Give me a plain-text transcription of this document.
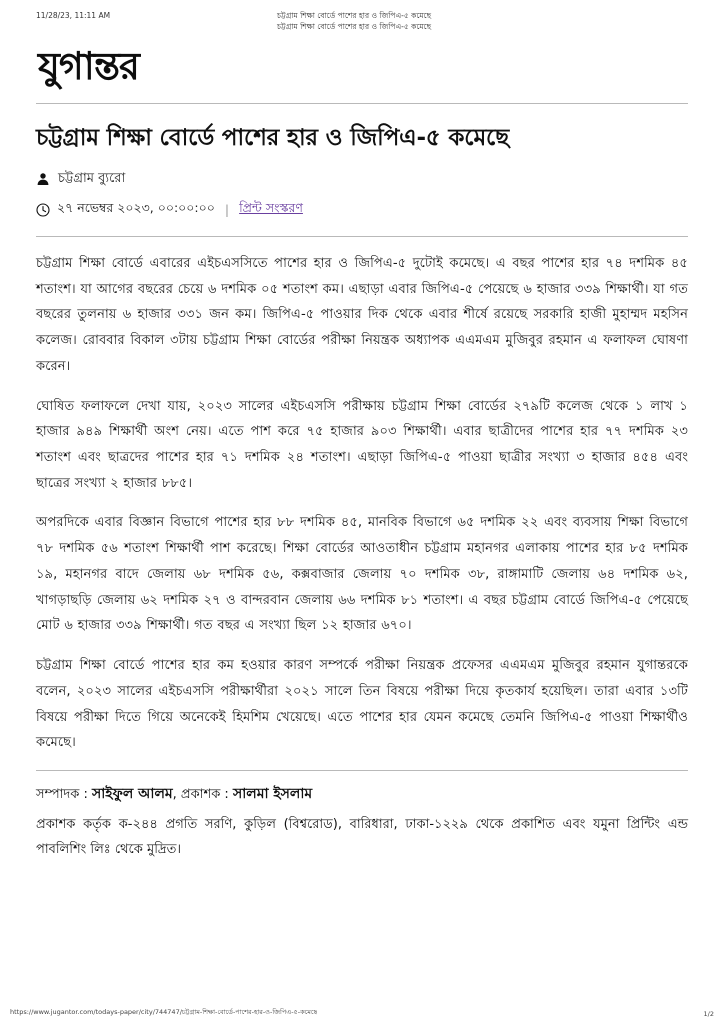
11/28/23, 11:11 AM	চট্টগ্রাম শিক্ষা বোর্ডে পাশের হার ও জিপিএ-৫ কমেছে
চট্টগ্রাম শিক্ষা বোর্ডে পাশের হার ও জিপিএ-৫ কমেছে
যুগান্তর
চট্টগ্রাম শিক্ষা বোর্ডে পাশের হার ও জিপিএ-৫ কমেছে
চট্টগ্রাম ব্যুরো
২৭ নভেম্বর ২০২৩, ০০:০০:০০ | প্রিন্ট সংস্করণ

চট্টগ্রাম শিক্ষা বোর্ডে এবারের এইচএসসিতে পাশের হার ও জিপিএ-৫ দুটোই কমেছে। এ বছর পাশের হার ৭৪ দশমিক ৪৫ শতাংশ। যা আগের বছরের চেয়ে ৬ দশমিক ০৫ শতাংশ কম। এছাড়া এবার জিপিএ-৫ পেয়েছে ৬ হাজার ৩৩৯ শিক্ষার্থী। যা গত বছরের তুলনায় ৬ হাজার ৩৩১ জন কম। জিপিএ-৫ পাওয়ার দিক থেকে এবার শীর্ষে রয়েছে সরকারি হাজী মুহাম্মদ মহসিন কলেজ। রোববার বিকাল ৩টায় চট্টগ্রাম শিক্ষা বোর্ডের পরীক্ষা নিয়ন্ত্রক অধ্যাপক এএমএম মুজিবুর রহমান এ ফলাফল ঘোষণা করেন।

ঘোষিত ফলাফলে দেখা যায়, ২০২৩ সালের এইচএসসি পরীক্ষায় চট্টগ্রাম শিক্ষা বোর্ডের ২৭৯টি কলেজ থেকে ১ লাখ ১ হাজার ৯৪৯ শিক্ষার্থী অংশ নেয়। এতে পাশ করে ৭৫ হাজার ৯০৩ শিক্ষার্থী। এবার ছাত্রীদের পাশের হার ৭৭ দশমিক ২৩ শতাংশ এবং ছাত্রদের পাশের হার ৭১ দশমিক ২৪ শতাংশ। এছাড়া জিপিএ-৫ পাওয়া ছাত্রীর সংখ্যা ৩ হাজার ৪৫৪ এবং ছাত্রের সংখ্যা ২ হাজার ৮৮৫।

অপরদিকে এবার বিজ্ঞান বিভাগে পাশের হার ৮৮ দশমিক ৪৫, মানবিক বিভাগে ৬৫ দশমিক ২২ এবং ব্যবসায় শিক্ষা বিভাগে ৭৮ দশমিক ৫৬ শতাংশ শিক্ষার্থী পাশ করেছে। শিক্ষা বোর্ডের আওতাধীন চট্টগ্রাম মহানগর এলাকায় পাশের হার ৮৫ দশমিক ১৯, মহানগর বাদে জেলায় ৬৮ দশমিক ৫৬, কক্সবাজার জেলায় ৭০ দশমিক ৩৮, রাঙ্গামাটি জেলায় ৬৪ দশমিক ৬২, খাগড়াছড়ি জেলায় ৬২ দশমিক ২৭ ও বান্দরবান জেলায় ৬৬ দশমিক ৮১ শতাংশ। এ বছর চট্টগ্রাম বোর্ডে জিপিএ-৫ পেয়েছে মোট ৬ হাজার ৩৩৯ শিক্ষার্থী। গত বছর এ সংখ্যা ছিল ১২ হাজার ৬৭০।

চট্টগ্রাম শিক্ষা বোর্ডে পাশের হার কম হওয়ার কারণ সম্পর্কে পরীক্ষা নিয়ন্ত্রক প্রফেসর এএমএম মুজিবুর রহমান যুগান্তরকে বলেন, ২০২৩ সালের এইচএসসি পরীক্ষার্থীরা ২০২১ সালে তিন বিষয়ে পরীক্ষা দিয়ে কৃতকার্য হয়েছিল। তারা এবার ১৩টি বিষয়ে পরীক্ষা দিতে গিয়ে অনেকেই হিমশিম খেয়েছে। এতে পাশের হার যেমন কমেছে তেমনি জিপিএ-৫ পাওয়া শিক্ষার্থীও কমেছে।

সম্পাদক : সাইফুল আলম, প্রকাশক : সালমা ইসলাম
প্রকাশক কর্তৃক ক-২৪৪ প্রগতি সরণি, কুড়িল (বিশ্বরোড), বারিধারা, ঢাকা-১২২৯ থেকে প্রকাশিত এবং যমুনা প্রিন্টিং এন্ড পাবলিশিং লিঃ থেকে মুদ্রিত।
https://www.jugantor.com/todays-paper/city/744747/চট্টগ্রাম-শিক্ষা-বোর্ডে-পাশের-হার-ও-জিপিএ-৫-কমেছে	1/2
